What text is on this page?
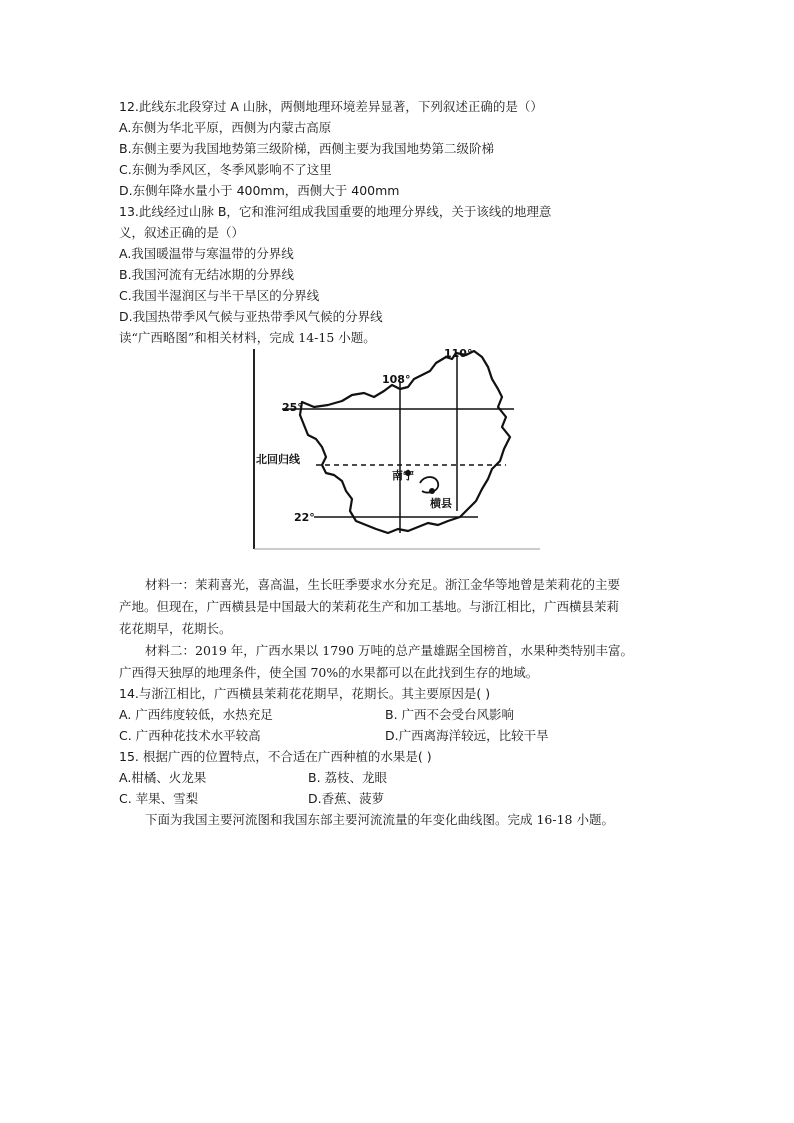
12.此线东北段穿过 A 山脉，两侧地理环境差异显著，下列叙述正确的是（）
A.东侧为华北平原，西侧为内蒙古高原
B.东侧主要为我国地势第三级阶梯，西侧主要为我国地势第二级阶梯
C.东侧为季风区，冬季风影响不了这里
D.东侧年降水量小于 400mm，西侧大于 400mm
13.此线经过山脉 B，它和淮河组成我国重要的地理分界线，关于该线的地理意
义，叙述正确的是（）
A.我国暖温带与寒温带的分界线
B.我国河流有无结冰期的分界线
C.我国半湿润区与半干旱区的分界线
D.我国热带季风气候与亚热带季风气候的分界线
读“广西略图”和相关材料，完成 14-15 小题。
110°
108°
25°
22°
北回归线
南宁
横县
材料一：茉莉喜光，喜高温，生长旺季要求水分充足。浙江金华等地曾是茉莉花的主要
产地。但现在，广西横县是中国最大的茉莉花生产和加工基地。与浙江相比，广西横县茉莉
花花期早，花期长。
材料二：2019 年，广西水果以 1790 万吨的总产量雄踞全国榜首，水果种类特别丰富。
广西得天独厚的地理条件，使全国 70%的水果都可以在此找到生存的地域。
14.与浙江相比，广西横县茉莉花花期早，花期长。其主要原因是( )
A. 广西纬度较低，水热充足	B. 广西不会受台风影响
C. 广西种花技术水平较高	D.广西离海洋较远，比较干旱
15. 根据广西的位置特点，不合适在广西种植的水果是( )
A.柑橘、火龙果	B. 荔枝、龙眼
C. 苹果、雪梨	D.香蕉、菠萝
下面为我国主要河流图和我国东部主要河流流量的年变化曲线图。完成 16-18 小题。
